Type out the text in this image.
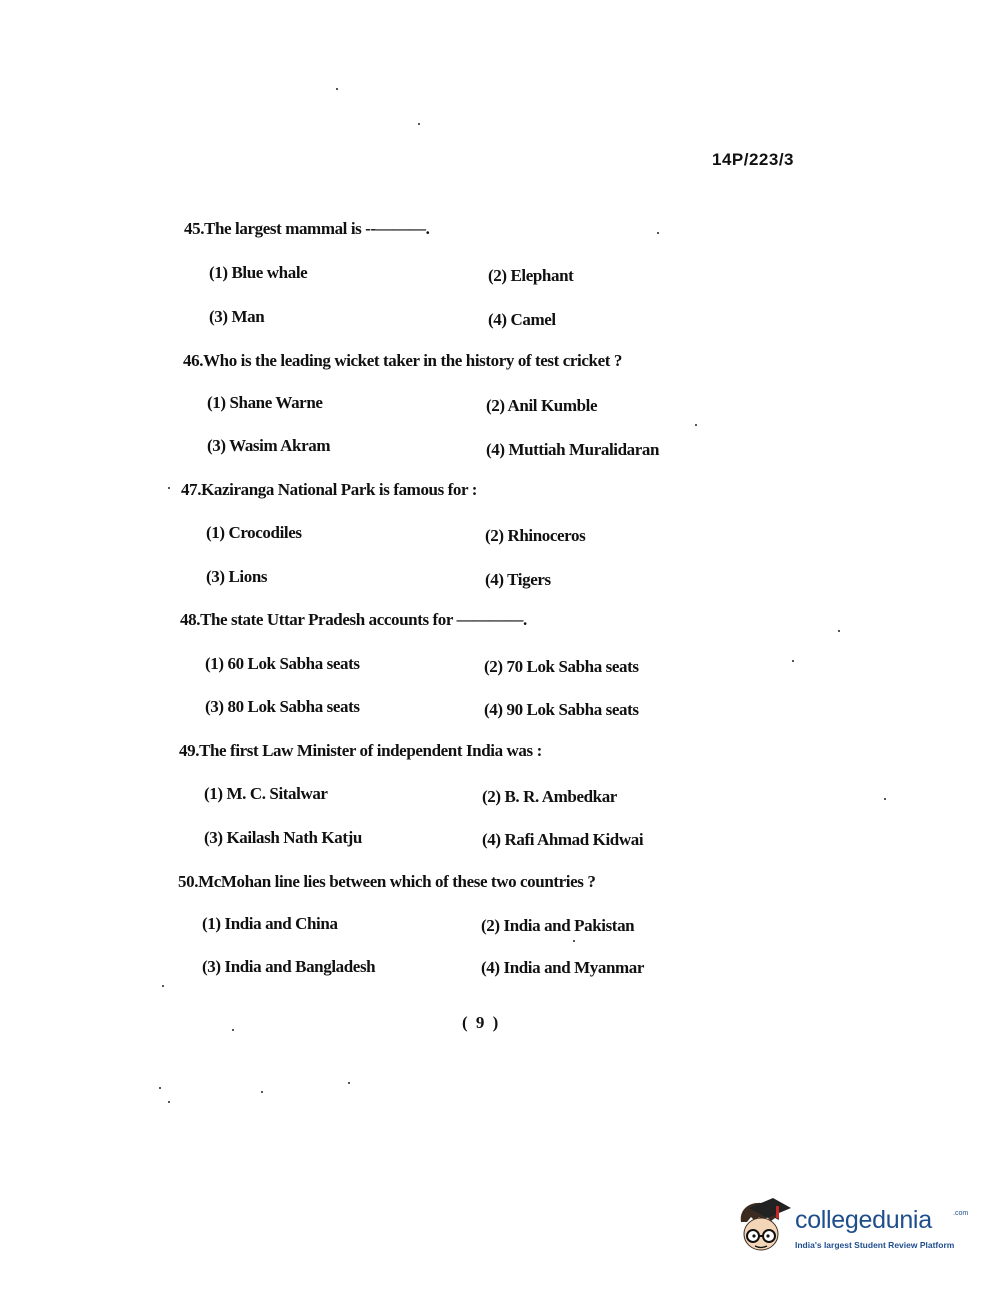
14P/223/3
45.The largest mammal is --———.
(1) Blue whale	(2) Elephant
(3) Man	(4) Camel
46.Who is the leading wicket taker in the history of test cricket ?
(1) Shane Warne	(2) Anil Kumble
(3) Wasim Akram	(4) Muttiah Muralidaran
47.Kaziranga National Park is famous for :
(1) Crocodiles	(2) Rhinoceros
(3) Lions	(4) Tigers
48.The state Uttar Pradesh accounts for ————.
(1) 60 Lok Sabha seats	(2) 70 Lok Sabha seats
(3) 80 Lok Sabha seats	(4) 90 Lok Sabha seats
49.The first Law Minister of independent India was :
(1) M. C. Sitalwar	(2) B. R. Ambedkar
(3) Kailash Nath Katju	(4) Rafi Ahmad Kidwai
50.McMohan line lies between which of these two countries ?
(1) India and China	(2) India and Pakistan
(3) India and Bangladesh	(4) India and Myanmar
( 9 )
collegedunia	.com
India's largest Student Review Platform
